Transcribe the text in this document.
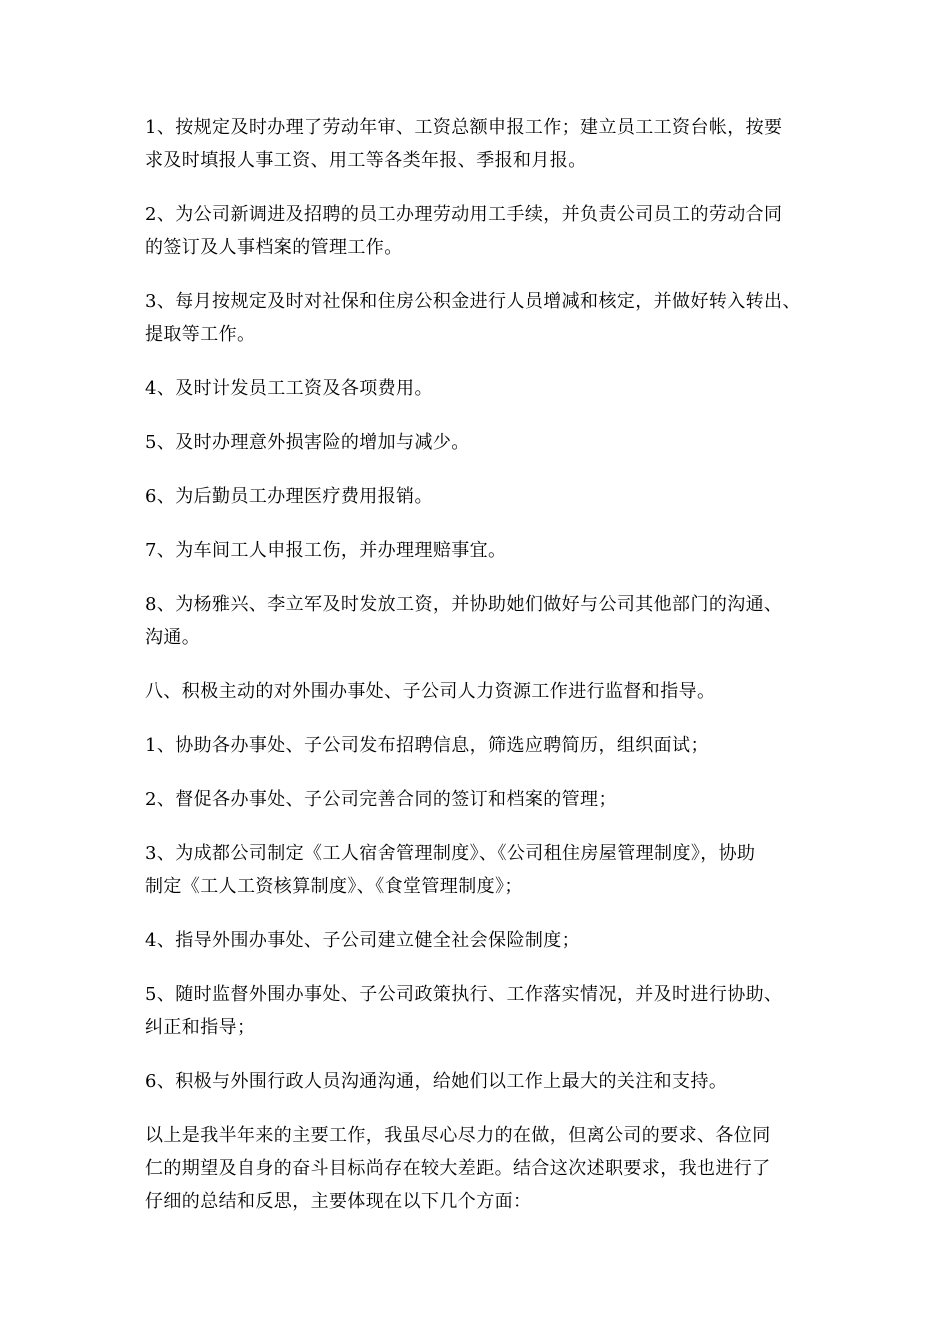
1、按规定及时办理了劳动年审、工资总额申报工作；建立员工工资台帐，按要
求及时填报人事工资、用工等各类年报、季报和月报。

2、为公司新调进及招聘的员工办理劳动用工手续，并负责公司员工的劳动合同
的签订及人事档案的管理工作。

3、每月按规定及时对社保和住房公积金进行人员增减和核定，并做好转入转出、
提取等工作。

4、及时计发员工工资及各项费用。

5、及时办理意外损害险的增加与减少。

6、为后勤员工办理医疗费用报销。

7、为车间工人申报工伤，并办理理赔事宜。

8、为杨雅兴、李立军及时发放工资，并协助她们做好与公司其他部门的沟通、
沟通。

八、积极主动的对外围办事处、子公司人力资源工作进行监督和指导。

1、协助各办事处、子公司发布招聘信息，筛选应聘简历，组织面试；

2、督促各办事处、子公司完善合同的签订和档案的管理；

3、为成都公司制定《工人宿舍管理制度》、《公司租住房屋管理制度》，协助
制定《工人工资核算制度》、《食堂管理制度》；

4、指导外围办事处、子公司建立健全社会保险制度；

5、随时监督外围办事处、子公司政策执行、工作落实情况，并及时进行协助、
纠正和指导；

6、积极与外围行政人员沟通沟通，给她们以工作上最大的关注和支持。

以上是我半年来的主要工作，我虽尽心尽力的在做，但离公司的要求、各位同
仁的期望及自身的奋斗目标尚存在较大差距。结合这次述职要求，我也进行了
仔细的总结和反思，主要体现在以下几个方面：
